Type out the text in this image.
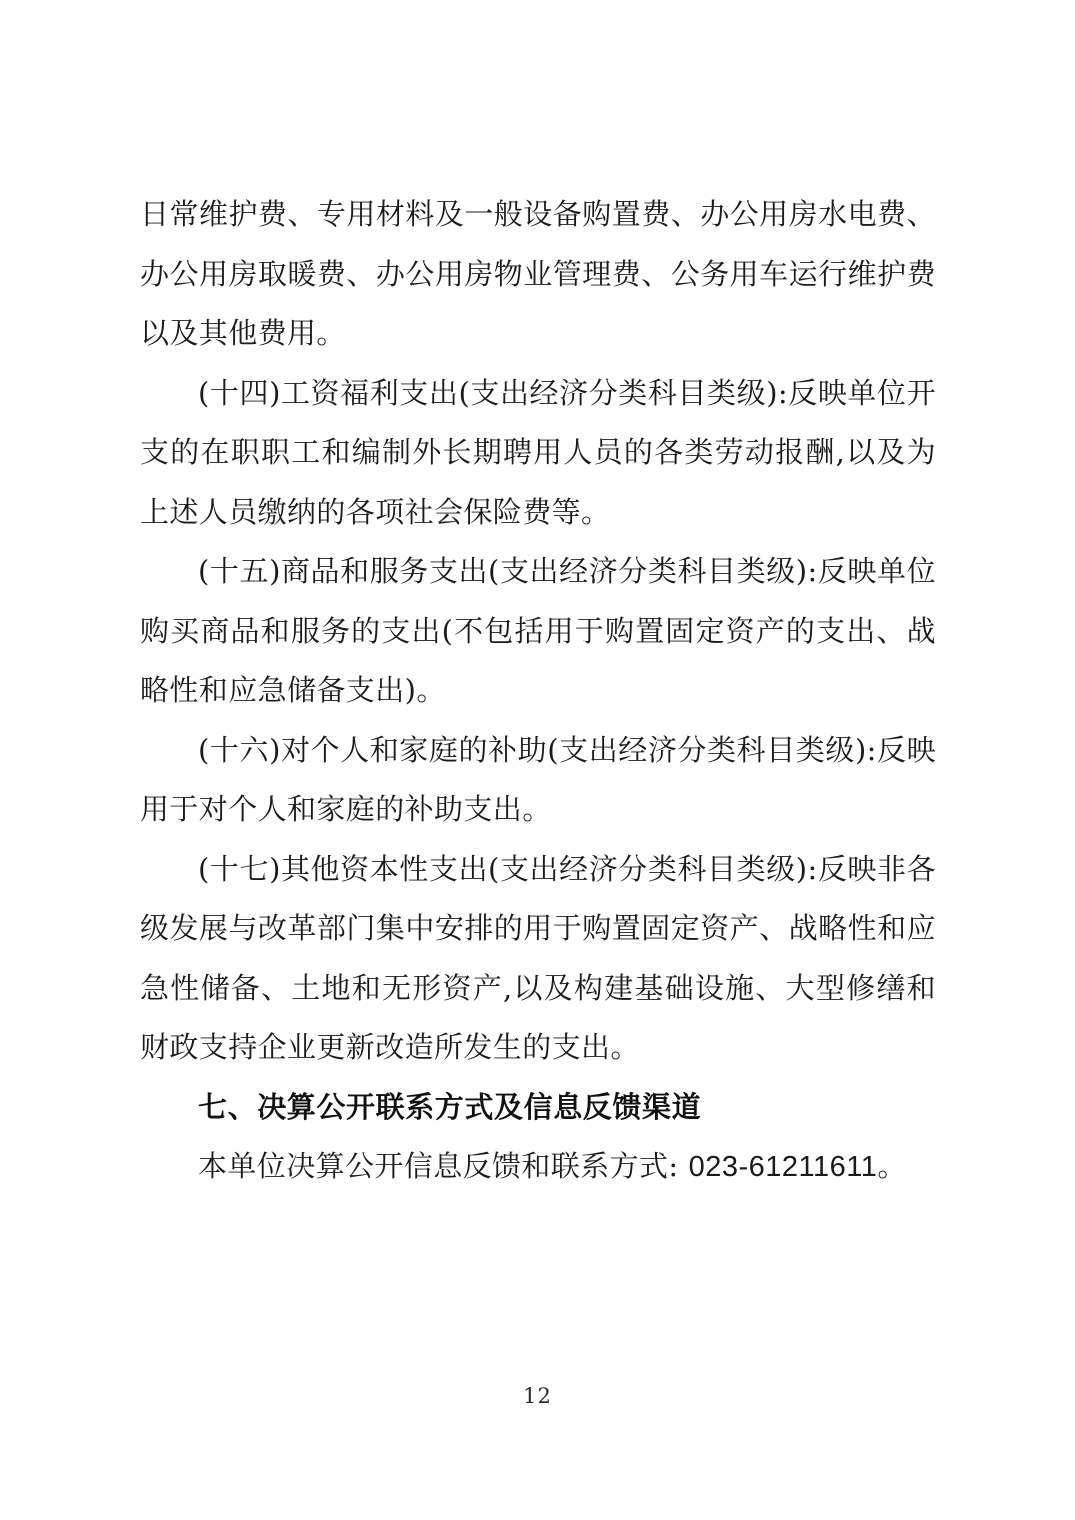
日常维护费、专用材料及一般设备购置费、办公用房水电费、办公用房取暖费、办公用房物业管理费、公务用车运行维护费以及其他费用。

(十四)工资福利支出(支出经济分类科目类级):反映单位开支的在职职工和编制外长期聘用人员的各类劳动报酬,以及为上述人员缴纳的各项社会保险费等。

(十五)商品和服务支出(支出经济分类科目类级):反映单位购买商品和服务的支出(不包括用于购置固定资产的支出、战略性和应急储备支出)。

(十六)对个人和家庭的补助(支出经济分类科目类级):反映用于对个人和家庭的补助支出。

(十七)其他资本性支出(支出经济分类科目类级):反映非各级发展与改革部门集中安排的用于购置固定资产、战略性和应急性储备、土地和无形资产,以及构建基础设施、大型修缮和财政支持企业更新改造所发生的支出。

七、决算公开联系方式及信息反馈渠道

本单位决算公开信息反馈和联系方式: 023-61211611。

12
